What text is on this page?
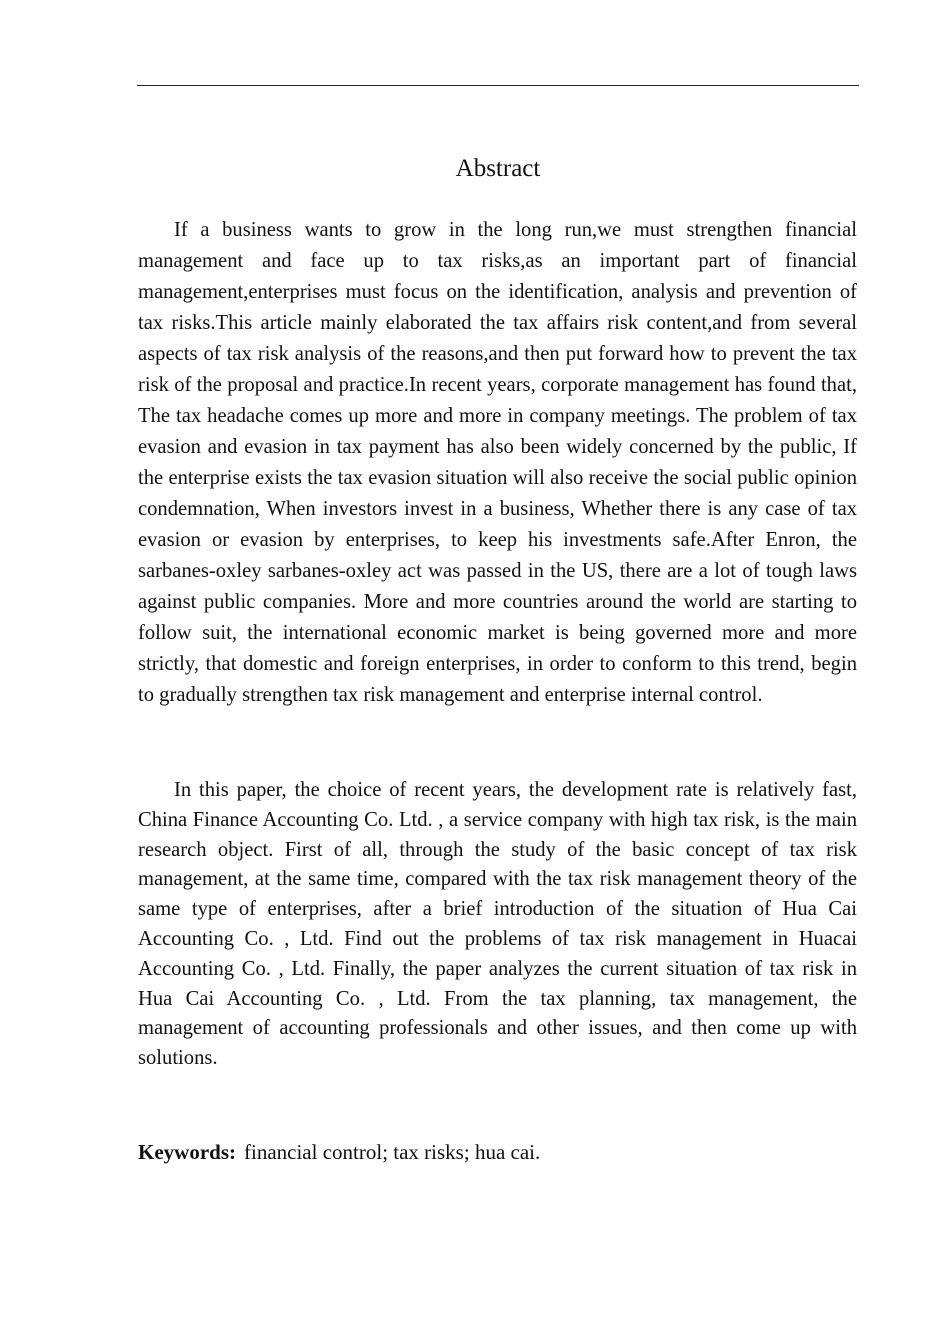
Abstract

If a business wants to grow in the long run,we must strengthen financial management and face up to tax risks,as an important part of financial management,enterprises must focus on the identification, analysis and prevention of tax risks.This article mainly elaborated the tax affairs risk content,and from several aspects of tax risk analysis of the reasons,and then put forward how to prevent the tax risk of the proposal and practice.In recent years, corporate management has found that, The tax headache comes up more and more in company meetings. The problem of tax evasion and evasion in tax payment has also been widely concerned by the public, If the enterprise exists the tax evasion situation will also receive the social public opinion condemnation, When investors invest in a business, Whether there is any case of tax evasion or evasion by enterprises, to keep his investments safe.After Enron, the sarbanes-oxley sarbanes-oxley act was passed in the US, there are a lot of tough laws against public companies. More and more countries around the world are starting to follow suit, the international economic market is being governed more and more strictly, that domestic and foreign enterprises, in order to conform to this trend, begin to gradually strengthen tax risk management and enterprise internal control.

In this paper, the choice of recent years, the development rate is relatively fast, China Finance Accounting Co. Ltd. , a service company with high tax risk, is the main research object. First of all, through the study of the basic concept of tax risk management, at the same time, compared with the tax risk management theory of the same type of enterprises, after a brief introduction of the situation of Hua Cai Accounting Co. , Ltd. Find out the problems of tax risk management in Huacai Accounting Co. , Ltd. Finally, the paper analyzes the current situation of tax risk in Hua Cai Accounting Co. , Ltd. From the tax planning, tax management, the management of accounting professionals and other issues, and then come up with solutions.

Keywords: financial control; tax risks; hua cai.
